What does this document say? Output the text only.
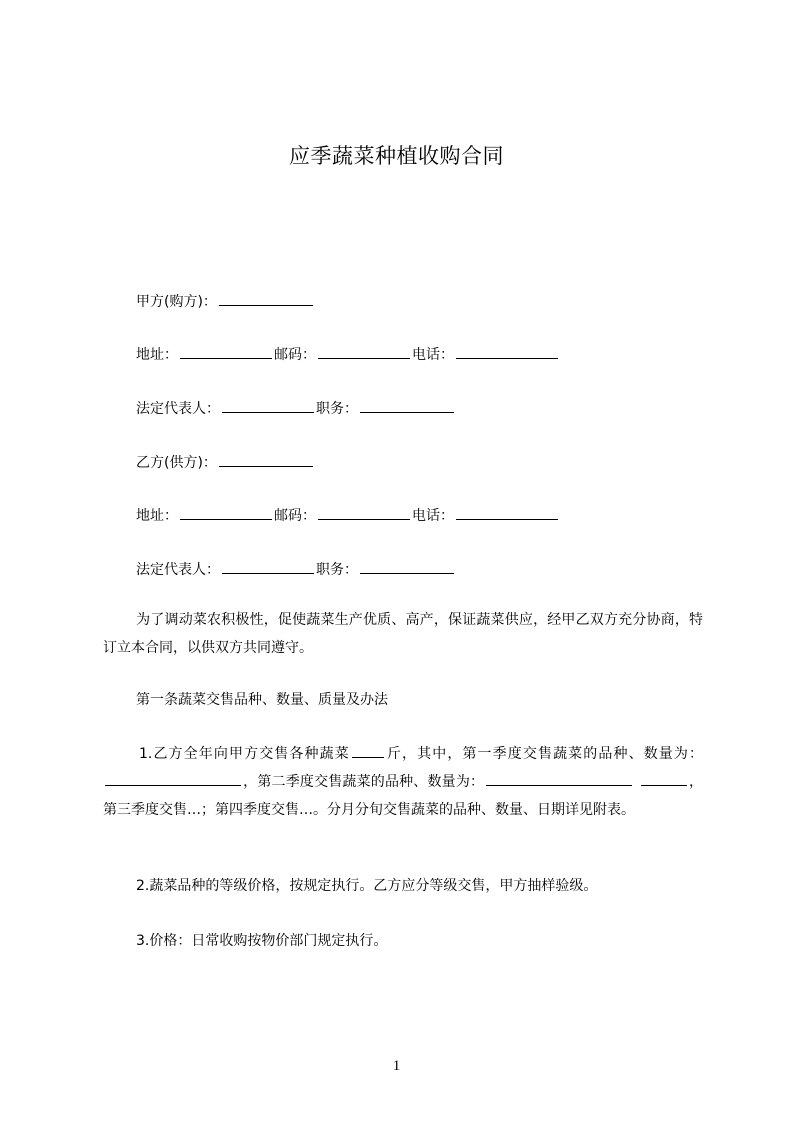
应季蔬菜种植收购合同
甲方(购方)：
地址：	邮码：	电话：
法定代表人：	职务：
乙方(供方)：
地址：	邮码：	电话：
法定代表人：	职务：
为了调动菜农积极性，促使蔬菜生产优质、高产，保证蔬菜供应，经甲乙双方充分协商，特订立本合同，以供双方共同遵守。
第一条蔬菜交售品种、数量、质量及办法
1.乙方全年向甲方交售各种蔬菜	斤，其中，第一季度交售蔬菜的品种、数量为：，第二季度交售蔬菜的品种、数量为：	，第三季度交售…；第四季度交售…。分月分旬交售蔬菜的品种、数量、日期详见附表。
2.蔬菜品种的等级价格，按规定执行。乙方应分等级交售，甲方抽样验级。
3.价格：日常收购按物价部门规定执行。
1
